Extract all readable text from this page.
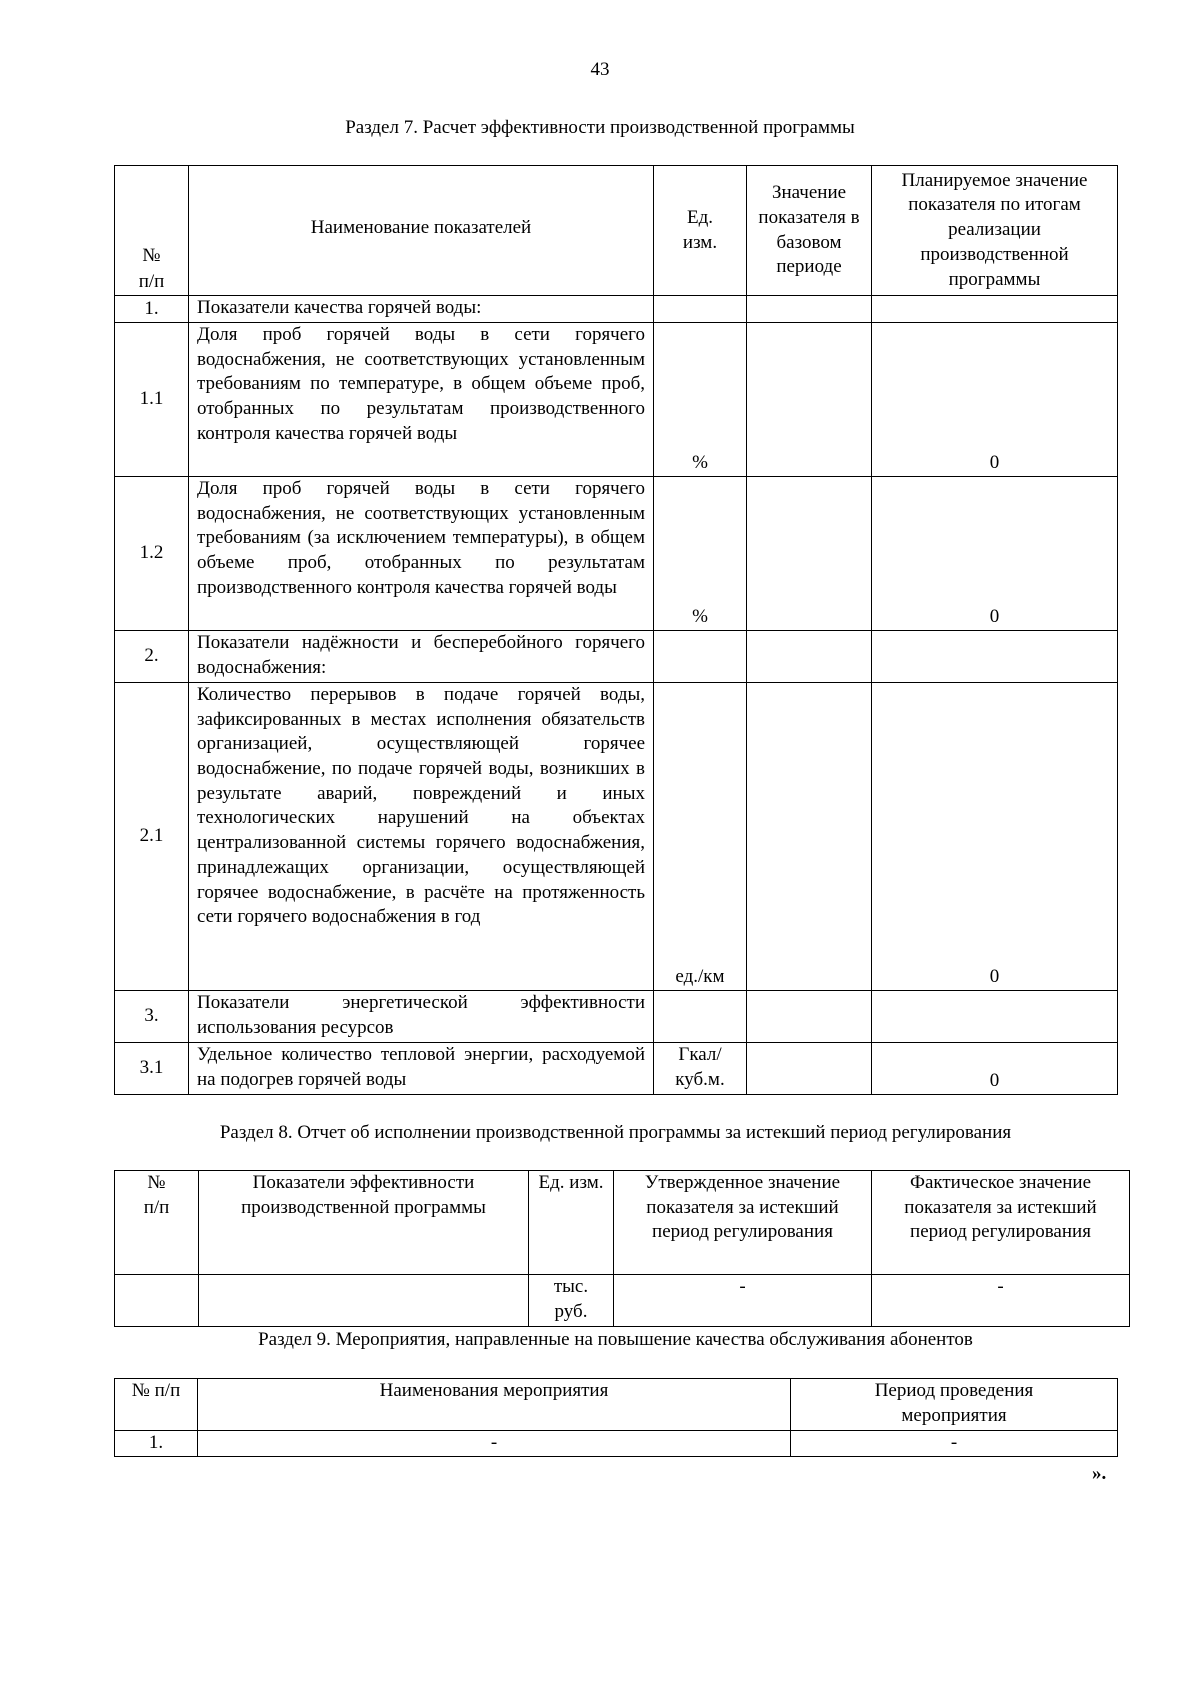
43
Раздел 7. Расчет эффективности производственной программы
№ п/п	Наименование показателей	Ед. изм.	Значение показателя в базовом периоде	Планируемое значение показателя по итогам реализации производственной программы
1.	Показатели качества горячей воды:			
1.1	Доля проб горячей воды в сети горячего водоснабжения, не соответствующих установленным требованиям по температуре, в общем объеме проб, отобранных по результатам производственного контроля качества горячей воды	%		0
1.2	Доля проб горячей воды в сети горячего водоснабжения, не соответствующих установленным требованиям (за исключением температуры), в общем объеме проб, отобранных по результатам производственного контроля качества горячей воды	%		0
2.	Показатели надёжности и бесперебойного горячего водоснабжения:			
2.1	Количество перерывов в подаче горячей воды, зафиксированных в местах исполнения обязательств организацией, осуществляющей горячее водоснабжение, по подаче горячей воды, возникших в результате аварий, повреждений и иных технологических нарушений на объектах централизованной системы горячего водоснабжения, принадлежащих организации, осуществляющей горячее водоснабжение, в расчёте на протяженность сети горячего водоснабжения в год	ед./км		0
3.	Показатели энергетической эффективности использования ресурсов			
3.1	Удельное количество тепловой энергии, расходуемой на подогрев горячей воды	Гкал/ куб.м.		0
Раздел 8. Отчет об исполнении производственной программы за истекший период регулирования
№ п/п	Показатели эффективности производственной программы	Ед. изм.	Утвержденное значение показателя за истекший период регулирования	Фактическое значение показателя за истекший период регулирования

		тыс. руб.	-	-
Раздел 9. Мероприятия, направленные на повышение качества обслуживания абонентов
№ п/п	Наименования мероприятия	Период проведения мероприятия

1.	-	-
».
